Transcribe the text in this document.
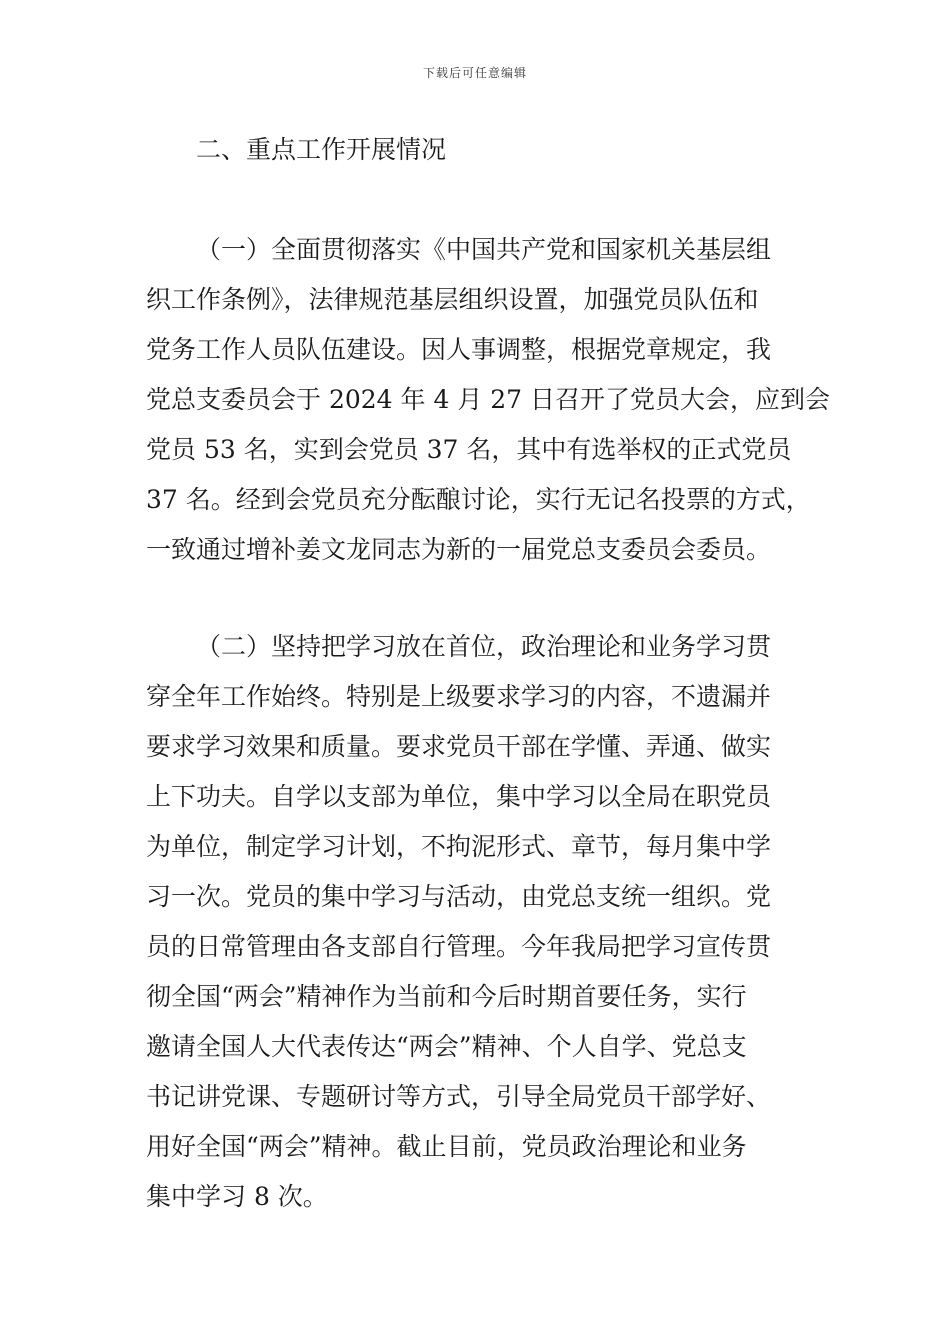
下载后可任意编辑
二、重点工作开展情况
（一）全面贯彻落实《中国共产党和国家机关基层组
织工作条例》，法律规范基层组织设置，加强党员队伍和
党务工作人员队伍建设。因人事调整，根据党章规定，我
党总支委员会于 2024 年 4 月 27 日召开了党员大会，应到会
党员 53 名，实到会党员 37 名，其中有选举权的正式党员
37 名。经到会党员充分酝酿讨论，实行无记名投票的方式，
一致通过增补姜文龙同志为新的一届党总支委员会委员。
（二）坚持把学习放在首位，政治理论和业务学习贯
穿全年工作始终。特别是上级要求学习的内容，不遗漏并
要求学习效果和质量。要求党员干部在学懂、弄通、做实
上下功夫。自学以支部为单位，集中学习以全局在职党员
为单位，制定学习计划，不拘泥形式、章节，每月集中学
习一次。党员的集中学习与活动，由党总支统一组织。党
员的日常管理由各支部自行管理。今年我局把学习宣传贯
彻全国“两会”精神作为当前和今后时期首要任务，实行
邀请全国人大代表传达“两会”精神、个人自学、党总支
书记讲党课、专题研讨等方式，引导全局党员干部学好、
用好全国“两会”精神。截止目前，党员政治理论和业务
集中学习 8 次。
